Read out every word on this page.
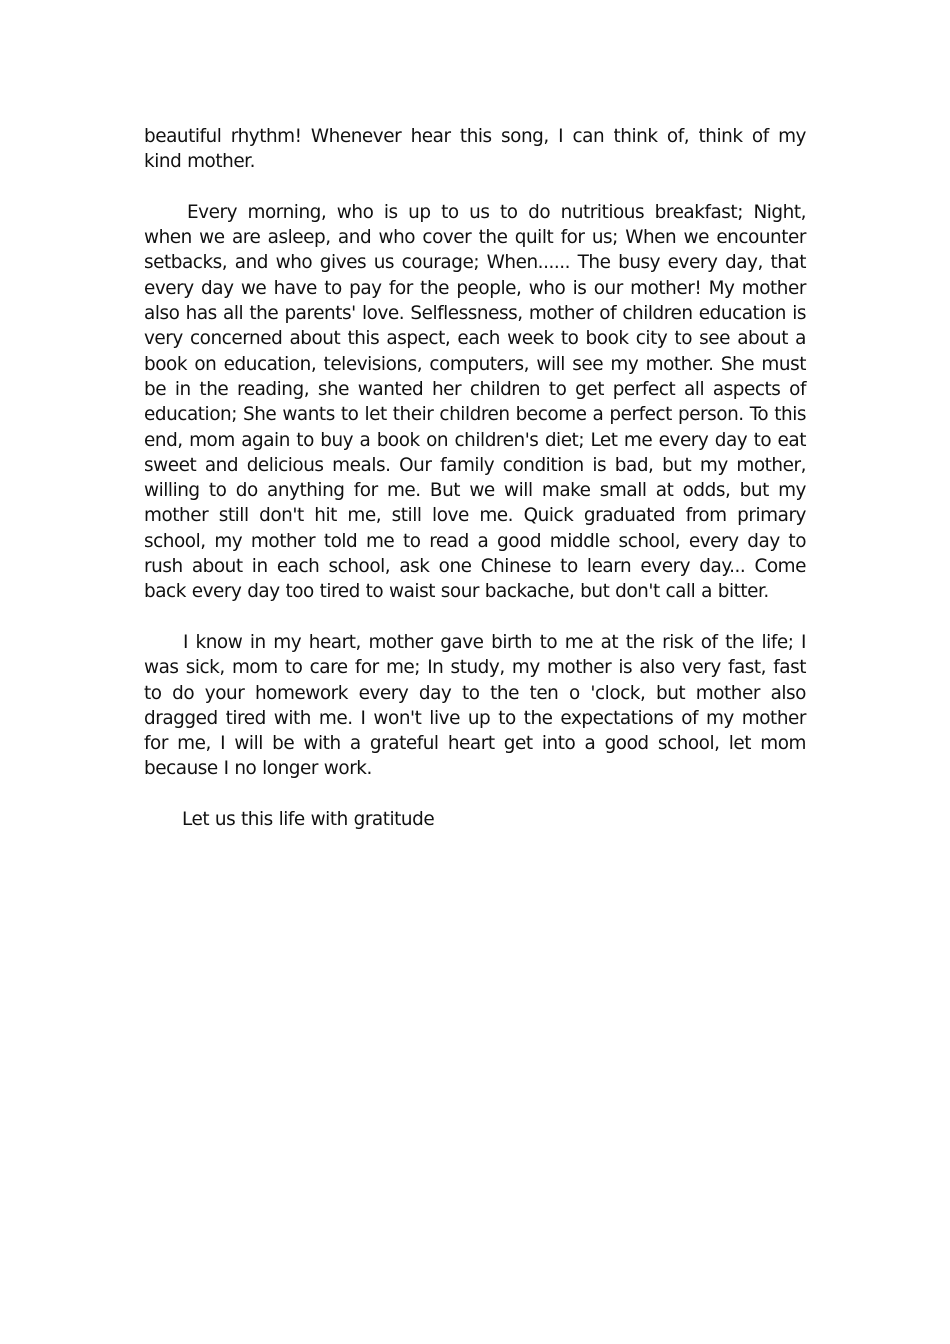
beautiful rhythm! Whenever hear this song, I can think of, think of my kind mother.

Every morning, who is up to us to do nutritious breakfast; Night, when we are asleep, and who cover the quilt for us; When we encounter setbacks, and who gives us courage; When...... The busy every day, that every day we have to pay for the people, who is our mother! My mother also has all the parents' love. Selflessness, mother of children education is very concerned about this aspect, each week to book city to see about a book on education, televisions, computers, will see my mother. She must be in the reading, she wanted her children to get perfect all aspects of education; She wants to let their children become a perfect person. To this end, mom again to buy a book on children's diet; Let me every day to eat sweet and delicious meals. Our family condition is bad, but my mother, willing to do anything for me. But we will make small at odds, but my mother still don't hit me, still love me. Quick graduated from primary school, my mother told me to read a good middle school, every day to rush about in each school, ask one Chinese to learn every day... Come back every day too tired to waist sour backache, but don't call a bitter.

I know in my heart, mother gave birth to me at the risk of the life; I was sick, mom to care for me; In study, my mother is also very fast, fast to do your homework every day to the ten o 'clock, but mother also dragged tired with me. I won't live up to the expectations of my mother for me, I will be with a grateful heart get into a good school, let mom because I no longer work.

Let us this life with gratitude
